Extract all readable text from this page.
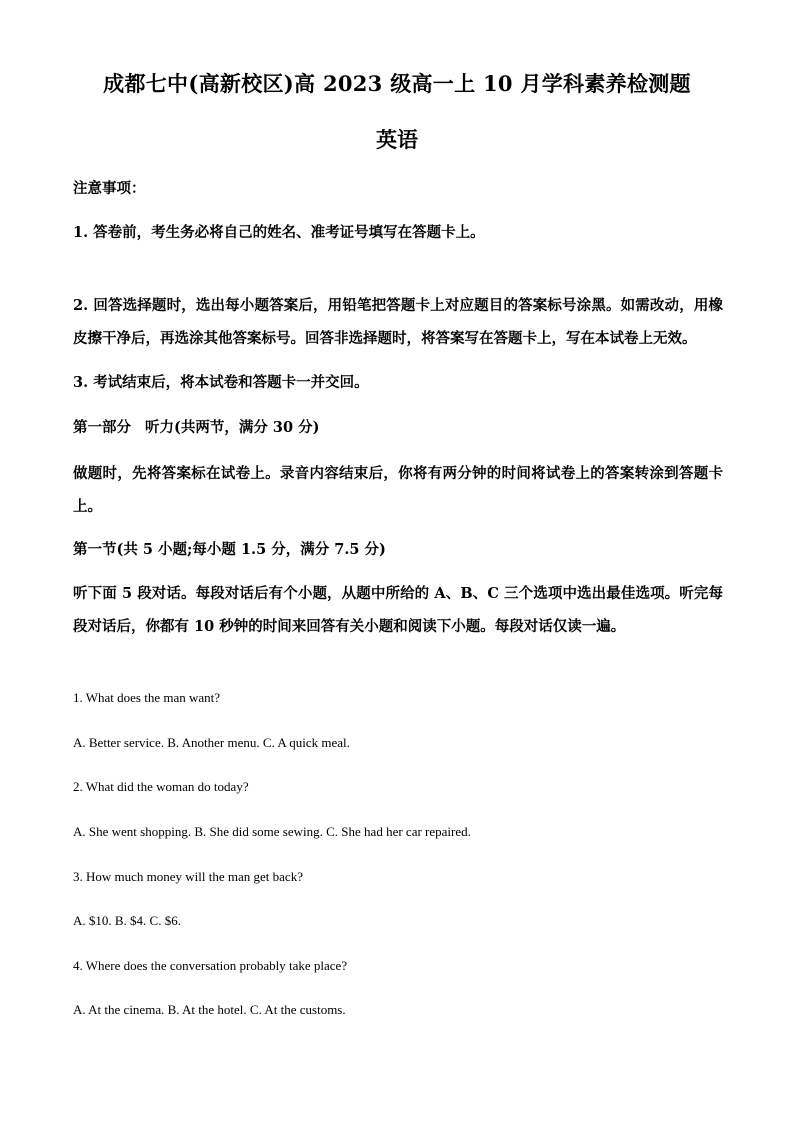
成都七中(高新校区)高 2023 级高一上 10 月学科素养检测题
英语
注意事项：
1. 答卷前，考生务必将自己的姓名、准考证号填写在答题卡上。
2. 回答选择题时，选出每小题答案后，用铅笔把答题卡上对应题目的答案标号涂黑。如需改动，用橡皮擦干净后，再选涂其他答案标号。回答非选择题时，将答案写在答题卡上，写在本试卷上无效。
3. 考试结束后，将本试卷和答题卡一并交回。
第一部分 听力(共两节，满分 30 分)
做题时，先将答案标在试卷上。录音内容结束后，你将有两分钟的时间将试卷上的答案转涂到答题卡上。
第一节(共 5 小题;每小题 1.5 分，满分 7.5 分)
听下面 5 段对话。每段对话后有个小题，从题中所给的 A、B、C 三个选项中选出最佳选项。听完每段对话后，你都有 10 秒钟的时间来回答有关小题和阅读下小题。每段对话仅读一遍。
1. What does the man want?
A. Better service. B. Another menu. C. A quick meal.
2. What did the woman do today?
A. She went shopping. B. She did some sewing. C. She had her car repaired.
3. How much money will the man get back?
A. $10. B. $4. C. $6.
4. Where does the conversation probably take place?
A. At the cinema. B. At the hotel. C. At the customs.
